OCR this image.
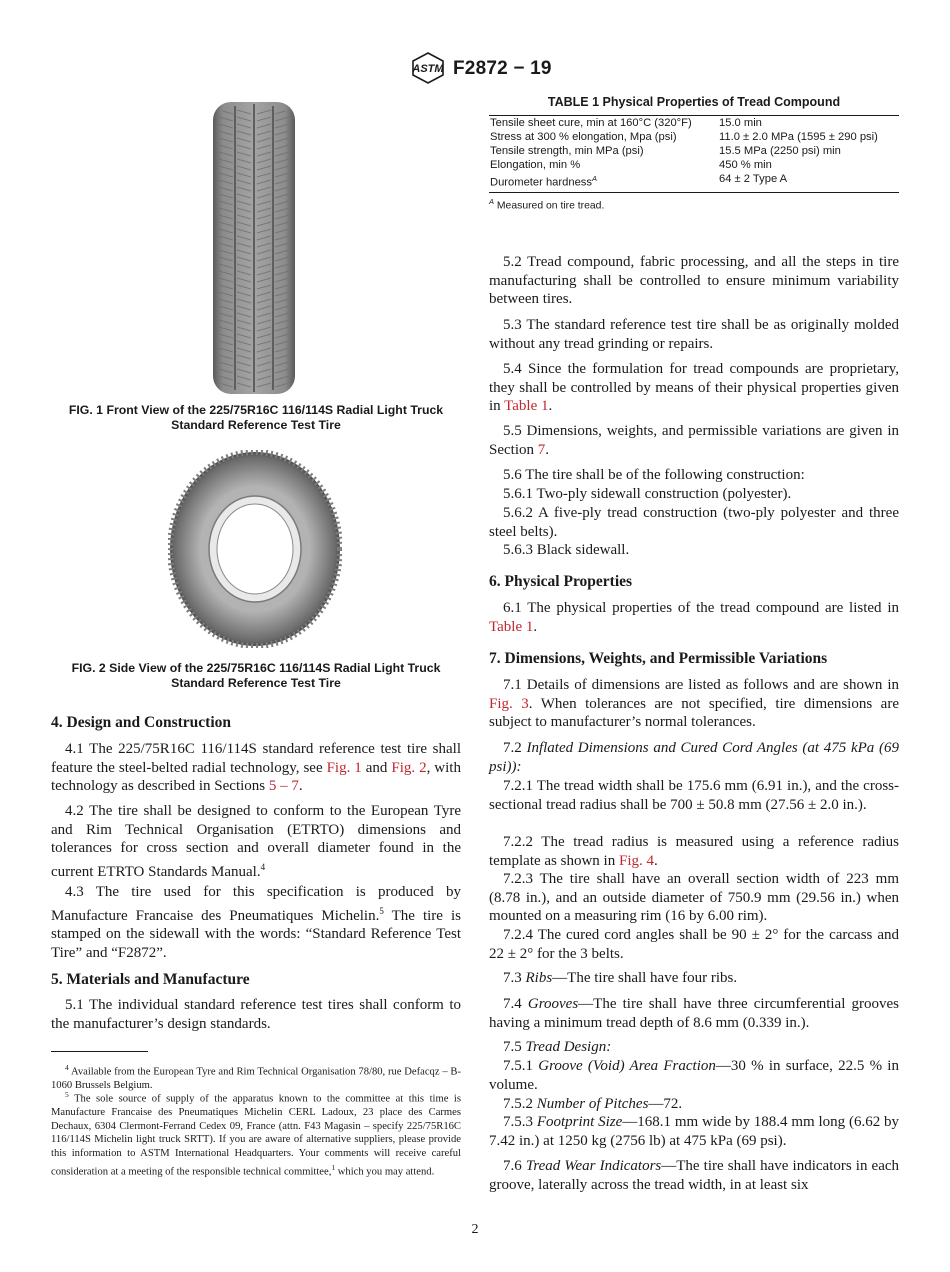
ASTM F2872 − 19
FIG. 1 Front View of the 225/75R16C 116/114S Radial Light Truck
Standard Reference Test Tire
FIG. 2 Side View of the 225/75R16C 116/114S Radial Light Truck
Standard Reference Test Tire
4. Design and Construction

4.1 The 225/75R16C 116/114S standard reference test tire shall feature the steel-belted radial technology, see Fig. 1 and Fig. 2, with technology as described in Sections 5 – 7.

4.2 The tire shall be designed to conform to the European Tyre and Rim Technical Organisation (ETRTO) dimensions and tolerances for cross section and overall diameter found in the current ETRTO Standards Manual.$^4$

4.3 The tire used for this specification is produced by Manufacture Francaise des Pneumatiques Michelin.$^5$ The tire is stamped on the sidewall with the words: “Standard Reference Test Tire” and “F2872”.

5. Materials and Manufacture

5.1 The individual standard reference test tires shall conform to the manufacturer’s design standards.

$^4$ Available from the European Tyre and Rim Technical Organisation 78/80, rue Defacqz – B-1060 Brussels Belgium.

$^5$ The sole source of supply of the apparatus known to the committee at this time is Manufacture Francaise des Pneumatiques Michelin CERL Ladoux, 23 place des Carmes Dechaux, 6304 Clermont-Ferrand Cedex 09, France (attn. F43 Magasin – specify 225/75R16C 116/114S Michelin light truck SRTT). If you are aware of alternative suppliers, please provide this information to ASTM International Headquarters. Your comments will receive careful consideration at a meeting of the responsible technical committee,$^1$ which you may attend.

TABLE 1 Physical Properties of Tread Compound
Tensile sheet cure, min at 160°C (320°F)	15.0 min
Stress at 300 % elongation, Mpa (psi)	11.0 ± 2.0 MPa (1595 ± 290 psi)
Tensile strength, min MPa (psi)	15.5 MPa (2250 psi) min
Elongation, min %	450 % min
Durometer hardness$^A$	64 ± 2 Type A
$^A$ Measured on tire tread.

5.2 Tread compound, fabric processing, and all the steps in tire manufacturing shall be controlled to ensure minimum variability between tires.

5.3 The standard reference test tire shall be as originally molded without any tread grinding or repairs.

5.4 Since the formulation for tread compounds are proprietary, they shall be controlled by means of their physical properties given in Table 1.

5.5 Dimensions, weights, and permissible variations are given in Section 7.

5.6 The tire shall be of the following construction:

5.6.1 Two-ply sidewall construction (polyester).

5.6.2 A five-ply tread construction (two-ply polyester and three steel belts).

5.6.3 Black sidewall.

6. Physical Properties

6.1 The physical properties of the tread compound are listed in Table 1.

7. Dimensions, Weights, and Permissible Variations

7.1 Details of dimensions are listed as follows and are shown in Fig. 3. When tolerances are not specified, tire dimensions are subject to manufacturer’s normal tolerances.

7.2 Inflated Dimensions and Cured Cord Angles (at 475 kPa (69 psi)):

7.2.1 The tread width shall be 175.6 mm (6.91 in.), and the cross-sectional tread radius shall be 700 ± 50.8 mm (27.56 ± 2.0 in.).

7.2.2 The tread radius is measured using a reference radius template as shown in Fig. 4.

7.2.3 The tire shall have an overall section width of 223 mm (8.78 in.), and an outside diameter of 750.9 mm (29.56 in.) when mounted on a measuring rim (16 by 6.00 rim).

7.2.4 The cured cord angles shall be 90 ± 2° for the carcass and 22 ± 2° for the 3 belts.

7.3 Ribs—The tire shall have four ribs.

7.4 Grooves—The tire shall have three circumferential grooves having a minimum tread depth of 8.6 mm (0.339 in.).

7.5 Tread Design:

7.5.1 Groove (Void) Area Fraction—30 % in surface, 22.5 % in volume.

7.5.2 Number of Pitches—72.

7.5.3 Footprint Size—168.1 mm wide by 188.4 mm long (6.62 by 7.42 in.) at 1250 kg (2756 lb) at 475 kPa (69 psi).

7.6 Tread Wear Indicators—The tire shall have indicators in each groove, laterally across the tread width, in at least six

2
